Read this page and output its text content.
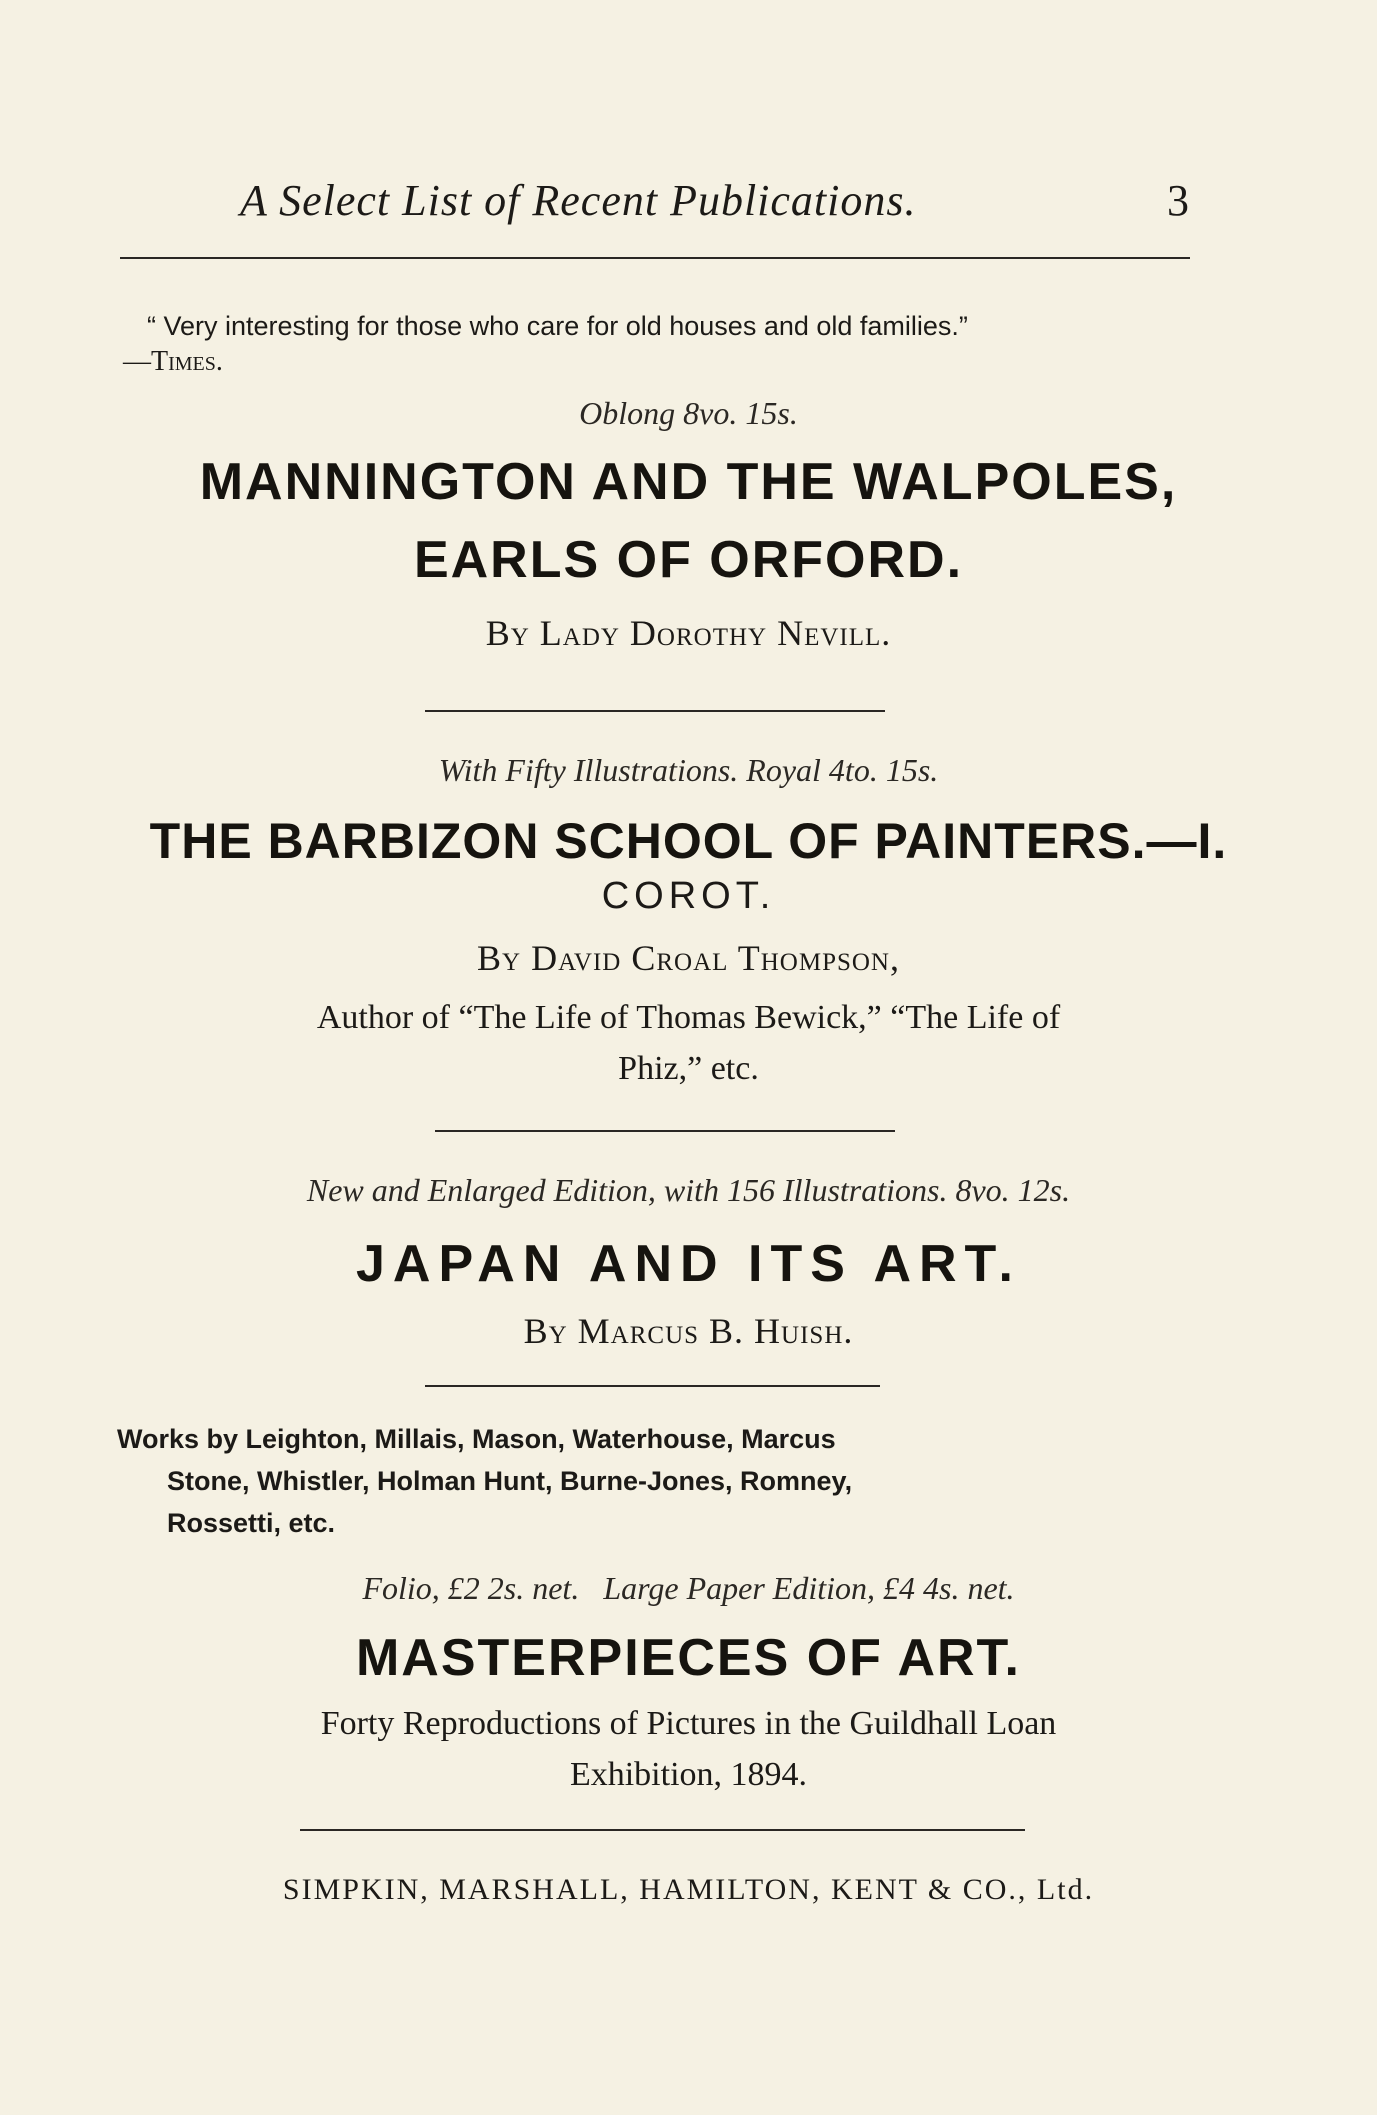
A Select List of Recent Publications.	3
“ Very interesting for those who care for old houses and old families.”
—Times.
Oblong 8vo. 15s.
MANNINGTON AND THE WALPOLES,
EARLS OF ORFORD.
By Lady Dorothy Nevill.
With Fifty Illustrations. Royal 4to. 15s.
THE BARBIZON SCHOOL OF PAINTERS.—I.
COROT.
By David Croal Thompson,
Author of “The Life of Thomas Bewick,” “The Life of
Phiz,” etc.
New and Enlarged Edition, with 156 Illustrations. 8vo. 12s.
JAPAN AND ITS ART.
By Marcus B. Huish.
Works by Leighton, Millais, Mason, Waterhouse, Marcus
Stone, Whistler, Holman Hunt, Burne-Jones, Romney,
Rossetti, etc.
Folio, £2 2s. net.   Large Paper Edition, £4 4s. net.
MASTERPIECES OF ART.
Forty Reproductions of Pictures in the Guildhall Loan
Exhibition, 1894.
SIMPKIN, MARSHALL, HAMILTON, KENT & CO., Ltd.
